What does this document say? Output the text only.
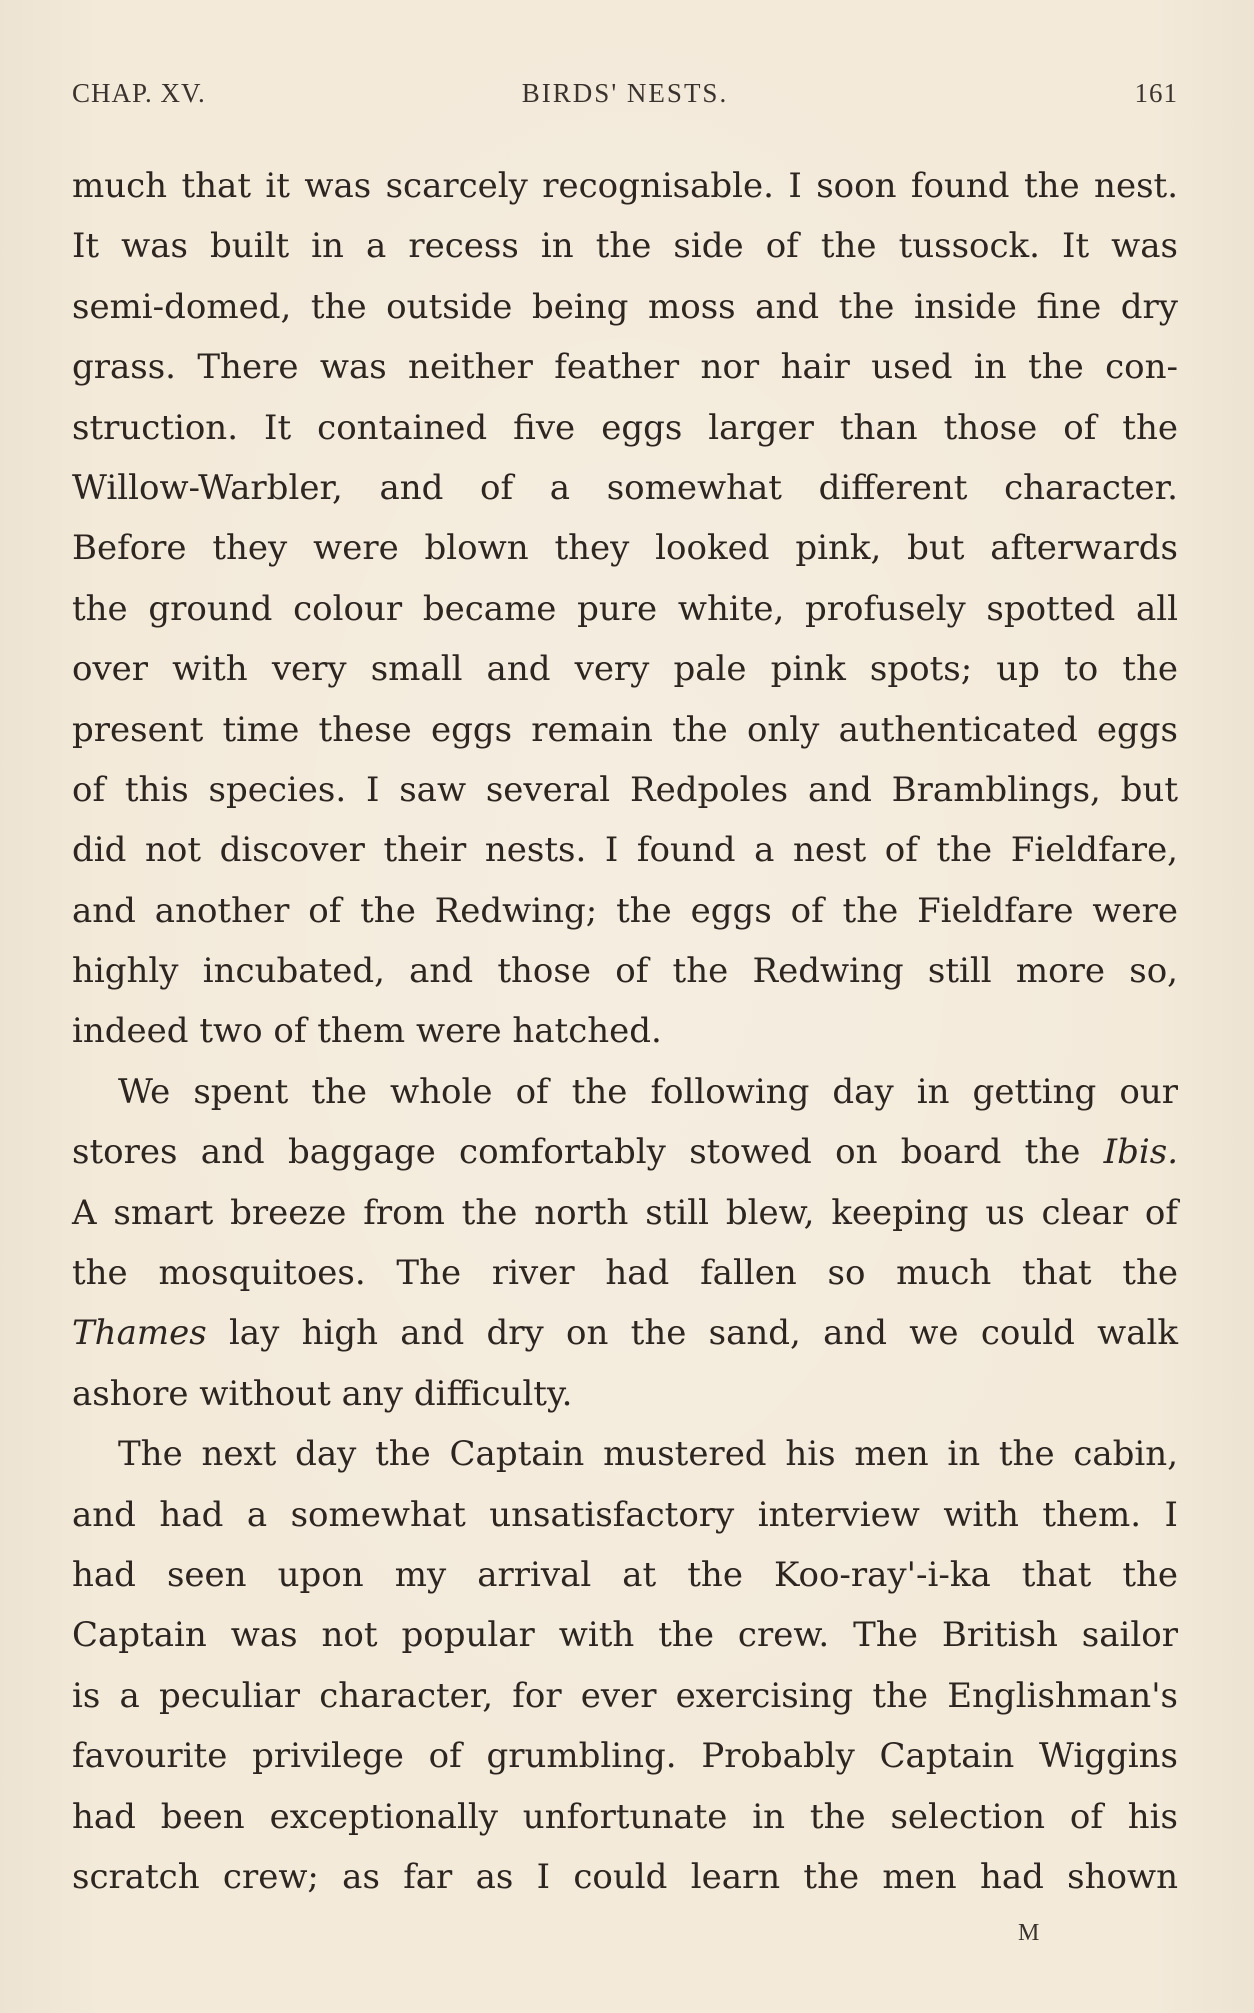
CHAP. XV.	BIRDS' NESTS.	161
much that it was scarcely recognisable. I soon found the nest.
It was built in a recess in the side of the tussock. It was
semi-domed, the outside being moss and the inside fine dry
grass. There was neither feather nor hair used in the con-
struction. It contained five eggs larger than those of the
Willow-Warbler, and of a somewhat different character.
Before they were blown they looked pink, but afterwards
the ground colour became pure white, profusely spotted all
over with very small and very pale pink spots; up to the
present time these eggs remain the only authenticated eggs
of this species. I saw several Redpoles and Bramblings, but
did not discover their nests. I found a nest of the Fieldfare,
and another of the Redwing; the eggs of the Fieldfare were
highly incubated, and those of the Redwing still more so,
indeed two of them were hatched.
We spent the whole of the following day in getting our
stores and baggage comfortably stowed on board the Ibis.
A smart breeze from the north still blew, keeping us clear of
the mosquitoes. The river had fallen so much that the
Thames lay high and dry on the sand, and we could walk
ashore without any difficulty.
The next day the Captain mustered his men in the cabin,
and had a somewhat unsatisfactory interview with them. I
had seen upon my arrival at the Koo-ray'-i-ka that the
Captain was not popular with the crew. The British sailor
is a peculiar character, for ever exercising the Englishman's
favourite privilege of grumbling. Probably Captain Wiggins
had been exceptionally unfortunate in the selection of his
scratch crew; as far as I could learn the men had shown
M
